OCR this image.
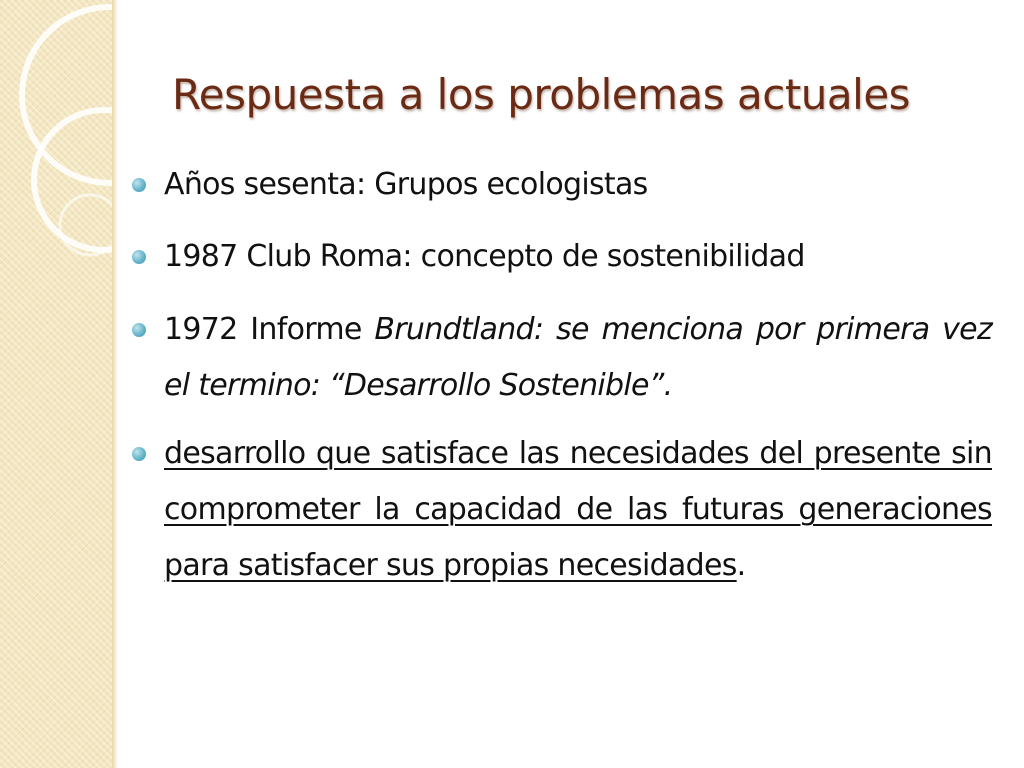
Respuesta a los problemas actuales
Años sesenta: Grupos ecologistas
1987 Club Roma: concepto de sostenibilidad
1972 Informe Brundtland: se menciona por primera vez el termino: “Desarrollo Sostenible”.
desarrollo que satisface las necesidades del presente sin comprometer la capacidad de las futuras generaciones para satisfacer sus propias necesidades.
